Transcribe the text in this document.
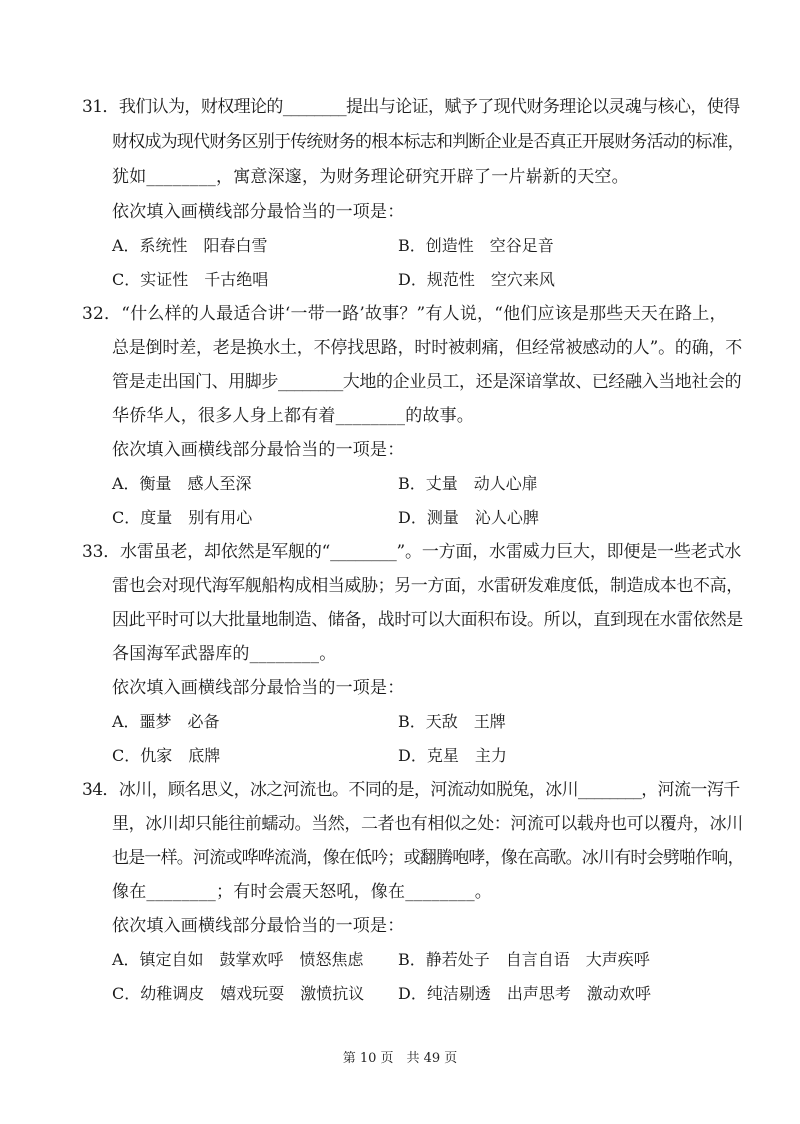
31．我们认为，财权理论的________提出与论证，赋予了现代财务理论以灵魂与核心，使得
财权成为现代财务区别于传统财务的根本标志和判断企业是否真正开展财务活动的标准，
犹如________，寓意深邃，为财务理论研究开辟了一片崭新的天空。
依次填入画横线部分最恰当的一项是：
A．系统性　阳春白雪	B．创造性　空谷足音
C．实证性　千古绝唱	D．规范性　空穴来风
32．“什么样的人最适合讲‘一带一路’故事？”有人说，“他们应该是那些天天在路上，
总是倒时差，老是换水土，不停找思路，时时被刺痛，但经常被感动的人”。的确，不
管是走出国门、用脚步________大地的企业员工，还是深谙掌故、已经融入当地社会的
华侨华人，很多人身上都有着________的故事。
依次填入画横线部分最恰当的一项是：
A．衡量　感人至深	B．丈量　动人心扉
C．度量　别有用心	D．测量　沁人心脾
33．水雷虽老，却依然是军舰的“________”。一方面，水雷威力巨大，即便是一些老式水
雷也会对现代海军舰船构成相当威胁；另一方面，水雷研发难度低，制造成本也不高，
因此平时可以大批量地制造、储备，战时可以大面积布设。所以，直到现在水雷依然是
各国海军武器库的________。
依次填入画横线部分最恰当的一项是：
A．噩梦　必备	B．天敌　王牌
C．仇家　底牌	D．克星　主力
34．冰川，顾名思义，冰之河流也。不同的是，河流动如脱兔，冰川________，河流一泻千
里，冰川却只能往前蠕动。当然，二者也有相似之处：河流可以载舟也可以覆舟，冰川
也是一样。河流或哗哗流淌，像在低吟；或翻腾咆哮，像在高歌。冰川有时会劈啪作响，
像在________；有时会震天怒吼，像在________。
依次填入画横线部分最恰当的一项是：
A．镇定自如　鼓掌欢呼　愤怒焦虑 B．静若处子　自言自语　大声疾呼
C．幼稚调皮　嬉戏玩耍　激愤抗议 D．纯洁剔透　出声思考　激动欢呼
第 10 页　共 49 页
